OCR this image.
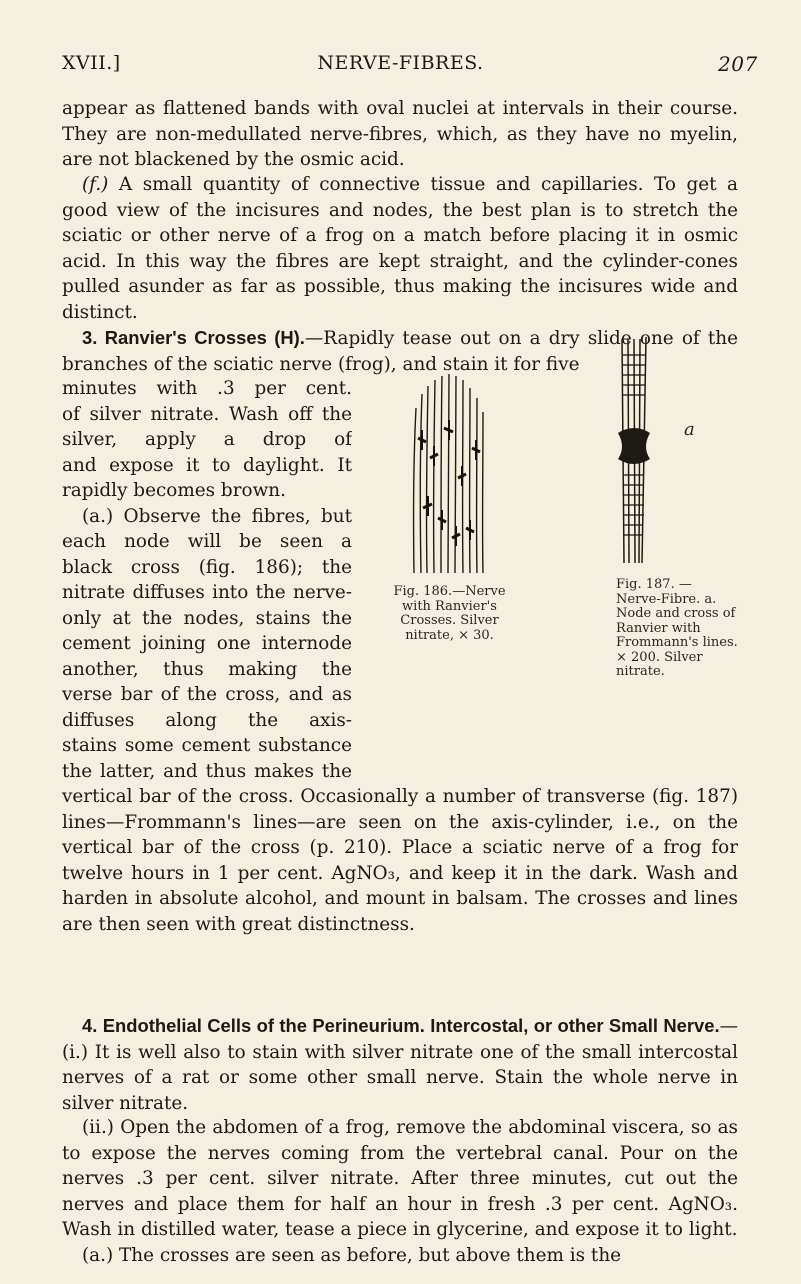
XVII.]	NERVE-FIBRES.	207
appear as flattened bands with oval nuclei at intervals in their course. They are non-medullated nerve-fibres, which, as they have no myelin, are not blackened by the osmic acid.
(f.) A small quantity of connective tissue and capillaries. To get a good view of the incisures and nodes, the best plan is to stretch the sciatic or other nerve of a frog on a match before placing it in osmic acid. In this way the fibres are kept straight, and the cylinder-cones pulled asunder as far as possible, thus making the incisures wide and distinct.
3. Ranvier's Crosses (H).—Rapidly tease out on a dry slide one of the branches of the sciatic nerve (frog), and stain it for five
minutes with .3 per cent.
of silver nitrate. Wash off the
silver, apply a drop of
and expose it to daylight. It
rapidly becomes brown.
(a.) Observe the fibres, but
each node will be seen a
black cross (fig. 186); the
nitrate diffuses into the nerve-
only at the nodes, stains the
cement joining one internode
another, thus making the
verse bar of the cross, and as
diffuses along the axis-
stains some cement substance
the latter, and thus makes the
Fig. 186.—Nerve with Ranvier's Crosses. Silver nitrate, × 30.
a
Fig. 187. — Nerve-Fibre. a. Node and cross of Ranvier with Frommann's lines. × 200. Silver nitrate.
vertical bar of the cross. Occasionally a number of transverse (fig. 187) lines—Frommann's lines—are seen on the axis-cylinder, i.e., on the vertical bar of the cross (p. 210). Place a sciatic nerve of a frog for twelve hours in 1 per cent. AgNO₃, and keep it in the dark. Wash and harden in absolute alcohol, and mount in balsam. The crosses and lines are then seen with great distinctness.
4. Endothelial Cells of the Perineurium. Intercostal, or other Small Nerve.—(i.) It is well also to stain with silver nitrate one of the small intercostal nerves of a rat or some other small nerve. Stain the whole nerve in silver nitrate.
(ii.) Open the abdomen of a frog, remove the abdominal viscera, so as to expose the nerves coming from the vertebral canal. Pour on the nerves .3 per cent. silver nitrate. After three minutes, cut out the nerves and place them for half an hour in fresh .3 per cent. AgNO₃. Wash in distilled water, tease a piece in glycerine, and expose it to light.
(a.) The crosses are seen as before, but above them is the
